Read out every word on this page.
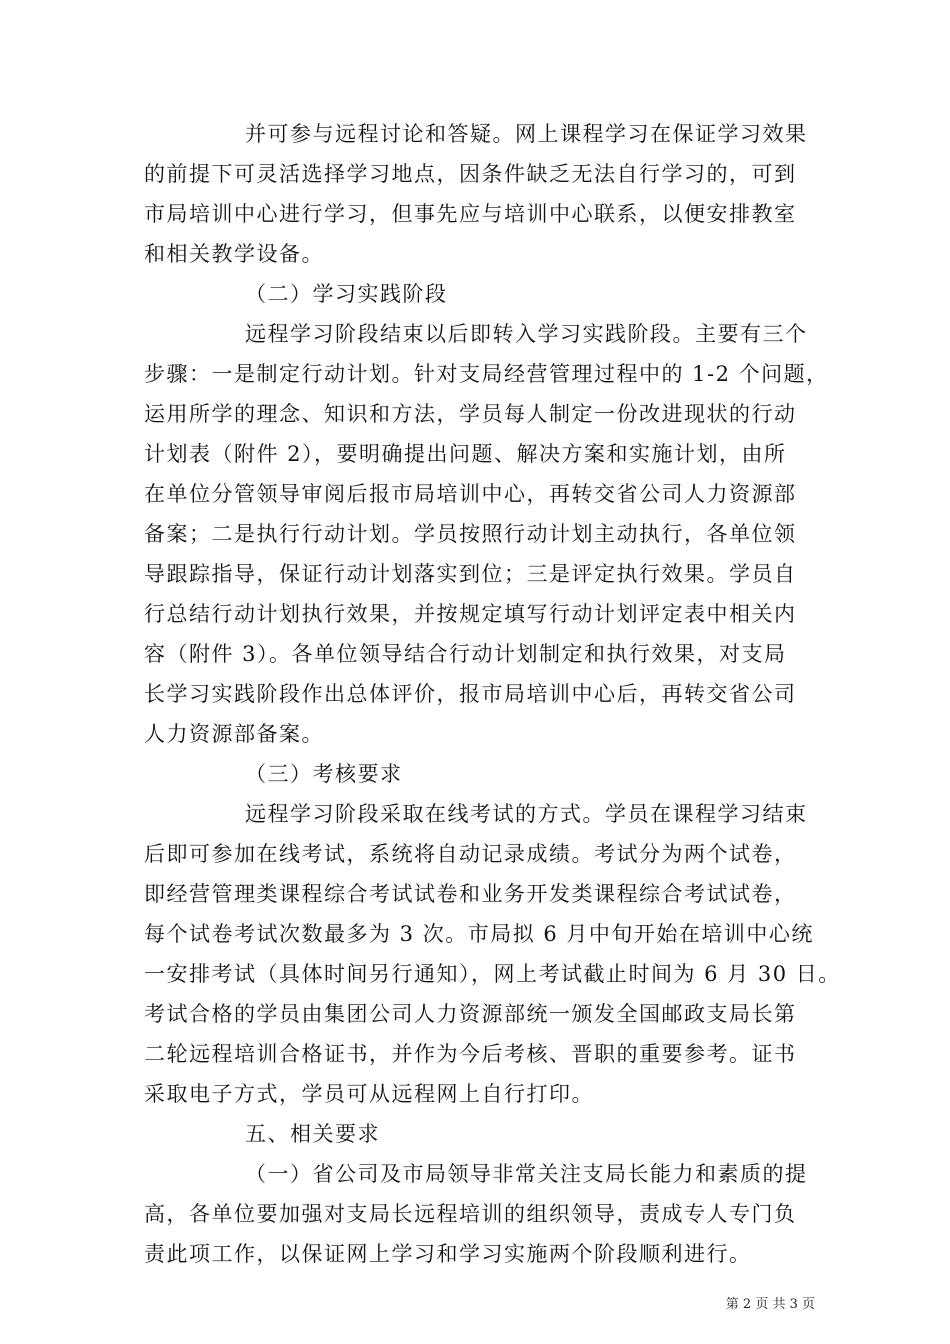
并可参与远程讨论和答疑。网上课程学习在保证学习效果
的前提下可灵活选择学习地点，因条件缺乏无法自行学习的，可到
市局培训中心进行学习，但事先应与培训中心联系，以便安排教室
和相关教学设备。
（二）学习实践阶段
远程学习阶段结束以后即转入学习实践阶段。主要有三个
步骤：一是制定行动计划。针对支局经营管理过程中的 1-2 个问题，
运用所学的理念、知识和方法，学员每人制定一份改进现状的行动
计划表（附件 2），要明确提出问题、解决方案和实施计划，由所
在单位分管领导审阅后报市局培训中心，再转交省公司人力资源部
备案；二是执行行动计划。学员按照行动计划主动执行，各单位领
导跟踪指导，保证行动计划落实到位；三是评定执行效果。学员自
行总结行动计划执行效果，并按规定填写行动计划评定表中相关内
容（附件 3）。各单位领导结合行动计划制定和执行效果，对支局
长学习实践阶段作出总体评价，报市局培训中心后，再转交省公司
人力资源部备案。
（三）考核要求
远程学习阶段采取在线考试的方式。学员在课程学习结束
后即可参加在线考试，系统将自动记录成绩。考试分为两个试卷，
即经营管理类课程综合考试试卷和业务开发类课程综合考试试卷，
每个试卷考试次数最多为 3 次。市局拟 6 月中旬开始在培训中心统
一安排考试（具体时间另行通知），网上考试截止时间为 6 月 30 日。
考试合格的学员由集团公司人力资源部统一颁发全国邮政支局长第
二轮远程培训合格证书，并作为今后考核、晋职的重要参考。证书
采取电子方式，学员可从远程网上自行打印。
五、相关要求
（一）省公司及市局领导非常关注支局长能力和素质的提
高，各单位要加强对支局长远程培训的组织领导，责成专人专门负
责此项工作，以保证网上学习和学习实施两个阶段顺利进行。
第 2 页 共 3 页
